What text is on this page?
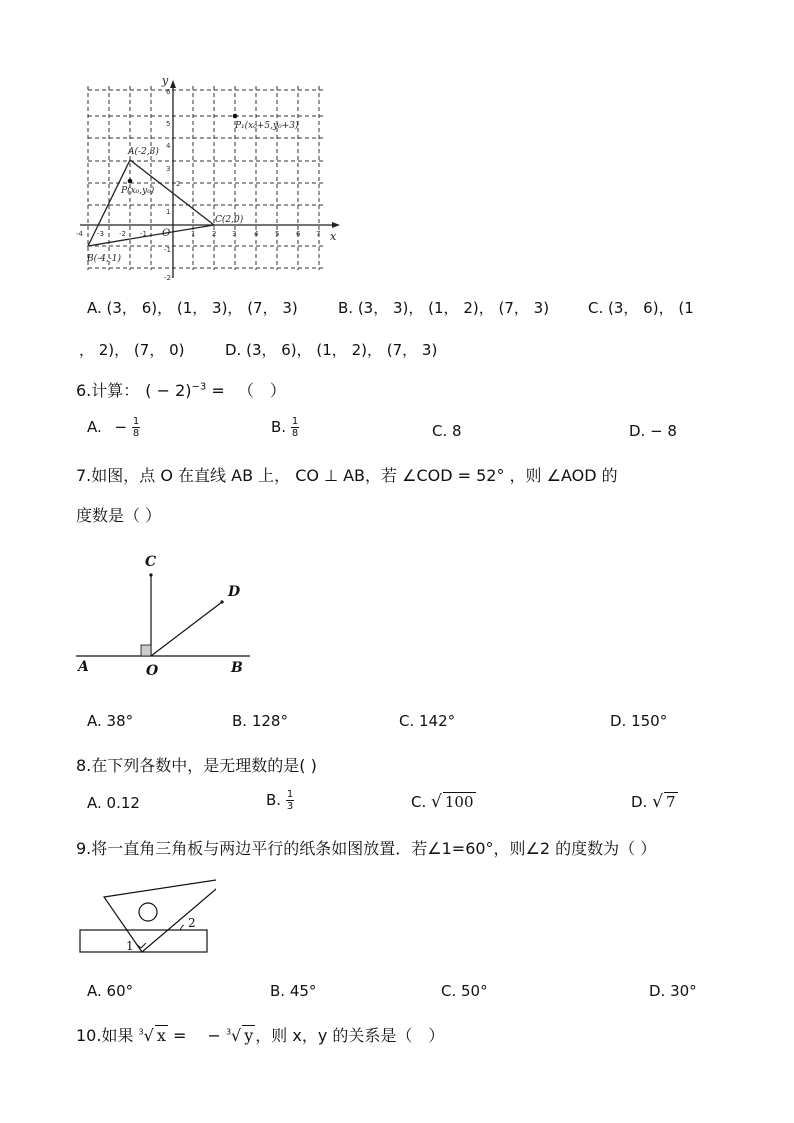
y
x
O
A(-2,3)
B(-4,-1)
C(2,0)
P(x₀,y₀)
P₁(x₀+5,y₀+3)
-4 -3 -2 -1	1 2 3	4 5 6 7
6
5
4
3
2
1
-1
-2
A. (3， 6)， (1， 3)， (7， 3)	B. (3， 3)， (1， 2)， (7， 3)	C. (3， 6)， (1
， 2)， (7， 0)	D. (3， 6)， (1， 2)， (7， 3)
6.计算： ( − 2)$^{-3}$ = 　（　）
A. − $\frac{1}{8}$	B. $\frac{1}{8}$	C. 8	D. − 8
7.如图，点 O 在直线 AB 上， CO ⊥ AB，若 ∠COD = 52° ，则 ∠AOD 的
度数是（ ）
C
D
A	O	B
A. 38°	B. 128°	C. 142°	D. 150°
8.在下列各数中，是无理数的是( )
A. 0.12	B. $\frac{1}{3}$	C. √ 100	D. √ 7
9.将一直角三角板与两边平行的纸条如图放置．若∠1=60°，则∠2 的度数为（ ）
1
2
A. 60°	B. 45°	C. 50°	D. 30°
10.如果 $^3$√ x = 　− $^3$√ y ，则 x，y 的关系是（　）
